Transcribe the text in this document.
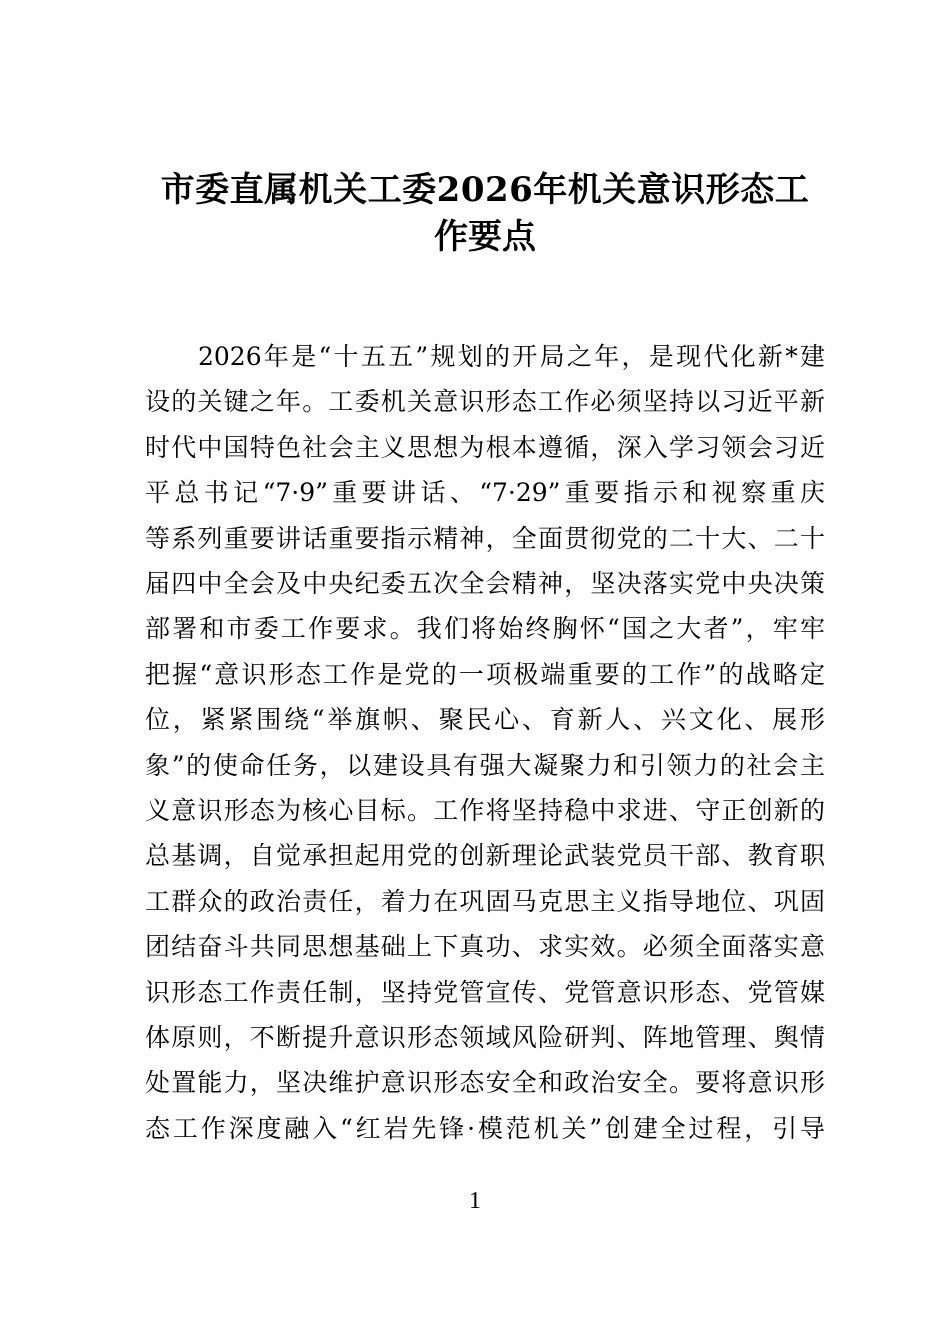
市委直属机关工委2026年机关意识形态工
作要点
2026年是“十五五”规划的开局之年，是现代化新*建
设的关键之年。工委机关意识形态工作必须坚持以习近平新
时代中国特色社会主义思想为根本遵循，深入学习领会习近
平总书记“7·9”重要讲话、“7·29”重要指示和视察重庆
等系列重要讲话重要指示精神，全面贯彻党的二十大、二十
届四中全会及中央纪委五次全会精神，坚决落实党中央决策
部署和市委工作要求。我们将始终胸怀“国之大者”，牢牢
把握“意识形态工作是党的一项极端重要的工作”的战略定
位，紧紧围绕“举旗帜、聚民心、育新人、兴文化、展形
象”的使命任务，以建设具有强大凝聚力和引领力的社会主
义意识形态为核心目标。工作将坚持稳中求进、守正创新的
总基调，自觉承担起用党的创新理论武装党员干部、教育职
工群众的政治责任，着力在巩固马克思主义指导地位、巩固
团结奋斗共同思想基础上下真功、求实效。必须全面落实意
识形态工作责任制，坚持党管宣传、党管意识形态、党管媒
体原则，不断提升意识形态领域风险研判、阵地管理、舆情
处置能力，坚决维护意识形态安全和政治安全。要将意识形
态工作深度融入“红岩先锋·模范机关”创建全过程，引导
1
